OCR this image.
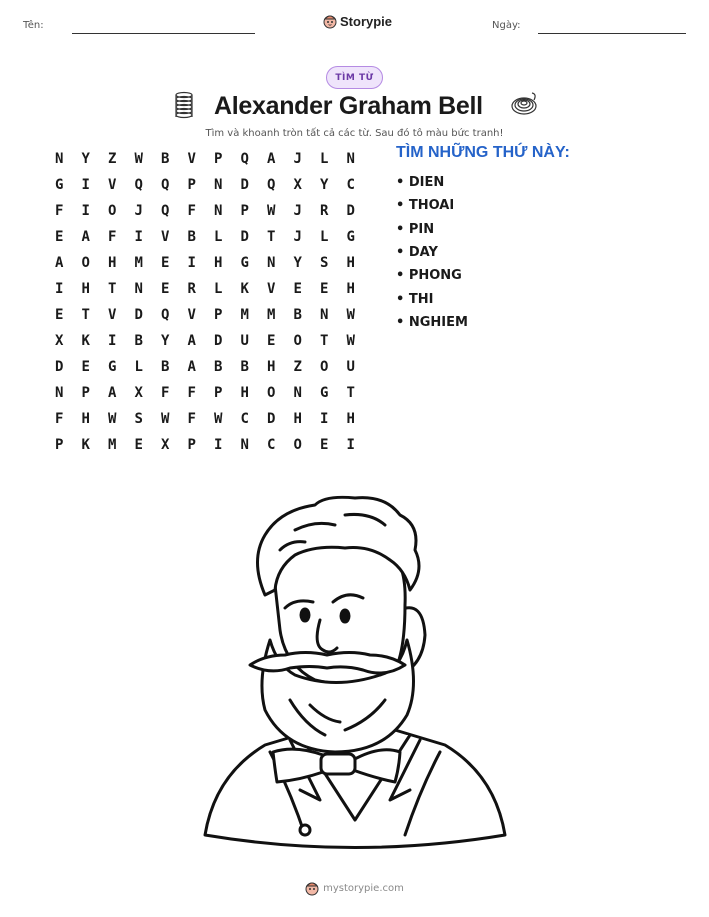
Tên:	Storypie	Ngày:
TÌM TỪ
Alexander Graham Bell
Tìm và khoanh tròn tất cả các từ. Sau đó tô màu bức tranh!
N	Y	Z	W	B	V	P	Q	A	J	L	N
G	I	V	Q	Q	P	N	D	Q	X	Y	C
F	I	O	J	Q	F	N	P	W	J	R	D
E	A	F	I	V	B	L	D	T	J	L	G
A	O	H	M	E	I	H	G	N	Y	S	H
I	H	T	N	E	R	L	K	V	E	E	H
E	T	V	D	Q	V	P	M	M	B	N	W
X	K	I	B	Y	A	D	U	E	O	T	W
D	E	G	L	B	A	B	B	H	Z	O	U
N	P	A	X	F	F	P	H	O	N	G	T
F	H	W	S	W	F	W	C	D	H	I	H
P	K	M	E	X	P	I	N	C	O	E	I
TÌM NHỮNG THỨ NÀY:
• DIEN
• THOAI
• PIN
• DAY
• PHONG
• THI
• NGHIEM
mystorypie.com
